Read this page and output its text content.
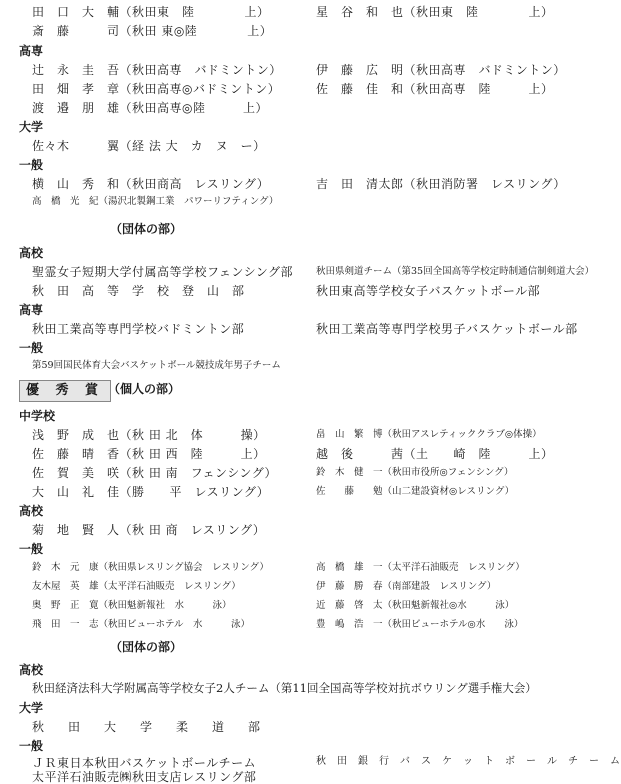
田　口　大　輔（秋田東　陸　　　　上）	星　谷　和　也（秋田東　陸　　　　上）
斎　藤　　　司（秋田 東◎陸　　　　上）
高専
辻　永　圭　吾（秋田高専　バドミントン）	伊　藤　広　明（秋田高専　バドミントン）
田　畑　孝　章（秋田高専◎バドミントン）	佐　藤　佳　和（秋田高専　陸　　　上）
渡　邉　朋　雄（秋田高専◎陸　　　上）
大学
佐々木　　　翼（経 法 大　カ　ヌ　ー）
一般
横　山　秀　和（秋田商高　レスリング）	吉　田　清太郎（秋田消防署　レスリング）
高　橋　光　紀（湯沢北製鋼工業　パワーリフティング）
（団体の部）
高校
聖霊女子短期大学付属高等学校フェンシング部 秋田県剣道チーム（第35回全国高等学校定時制通信制剣道大会）
秋　田　高　等　学　校　登　山　部	秋田東高等学校女子バスケットボール部
高専
秋田工業高等専門学校バドミントン部	秋田工業高等専門学校男子バスケットボール部
一般
第59回国民体育大会バスケットボール競技成年男子チーム
優 秀 賞 （個人の部）
中学校
浅　野　成　也（秋 田 北　体　　　操）	畠　山　繁　博（秋田アスレティッククラブ◎体操）
佐　藤　晴　香（秋 田 西　陸　　　上）	越　後　　　茜（土　　崎　陸　　　上）
佐　賀　美　咲（秋 田 南　フェンシング）	鈴　木　健　一（秋田市役所◎フェンシング）
大　山　礼　佳（勝　　平　レスリング）	佐　　藤　　勉（山二建設資材◎レスリング）
高校
菊　地　賢　人（秋 田 商　レスリング）
一般
鈴　木　元　康（秋田県レスリング協会　レスリング）	高　橋　雄　一（太平洋石油販売　レスリング）
友木屋　英　雄（太平洋石油販売　レスリング）	伊　藤　勝　春（南部建設　レスリング）
奥　野　正　寛（秋田魁新報社　水　　　泳）	近　藤　啓　太（秋田魁新報社◎水　　　泳）
飛　田　一　志（秋田ビューホテル　水　　　泳）	豊　嶋　浩　一（秋田ビューホテル◎水　　泳）
（団体の部）
高校
秋田経済法科大学附属高等学校女子2人チーム（第11回全国高等学校対抗ボウリング選手権大会）
大学
秋　　田　　大　　学　　柔　　道　　部
一般
ＪＲ東日本秋田バスケットボールチーム	秋　田　銀　行　バ　ス　ケ　ッ　ト　ボ　ー　ル　チ　ー　ム
太平洋石油販売㈱秋田支店レスリング部
